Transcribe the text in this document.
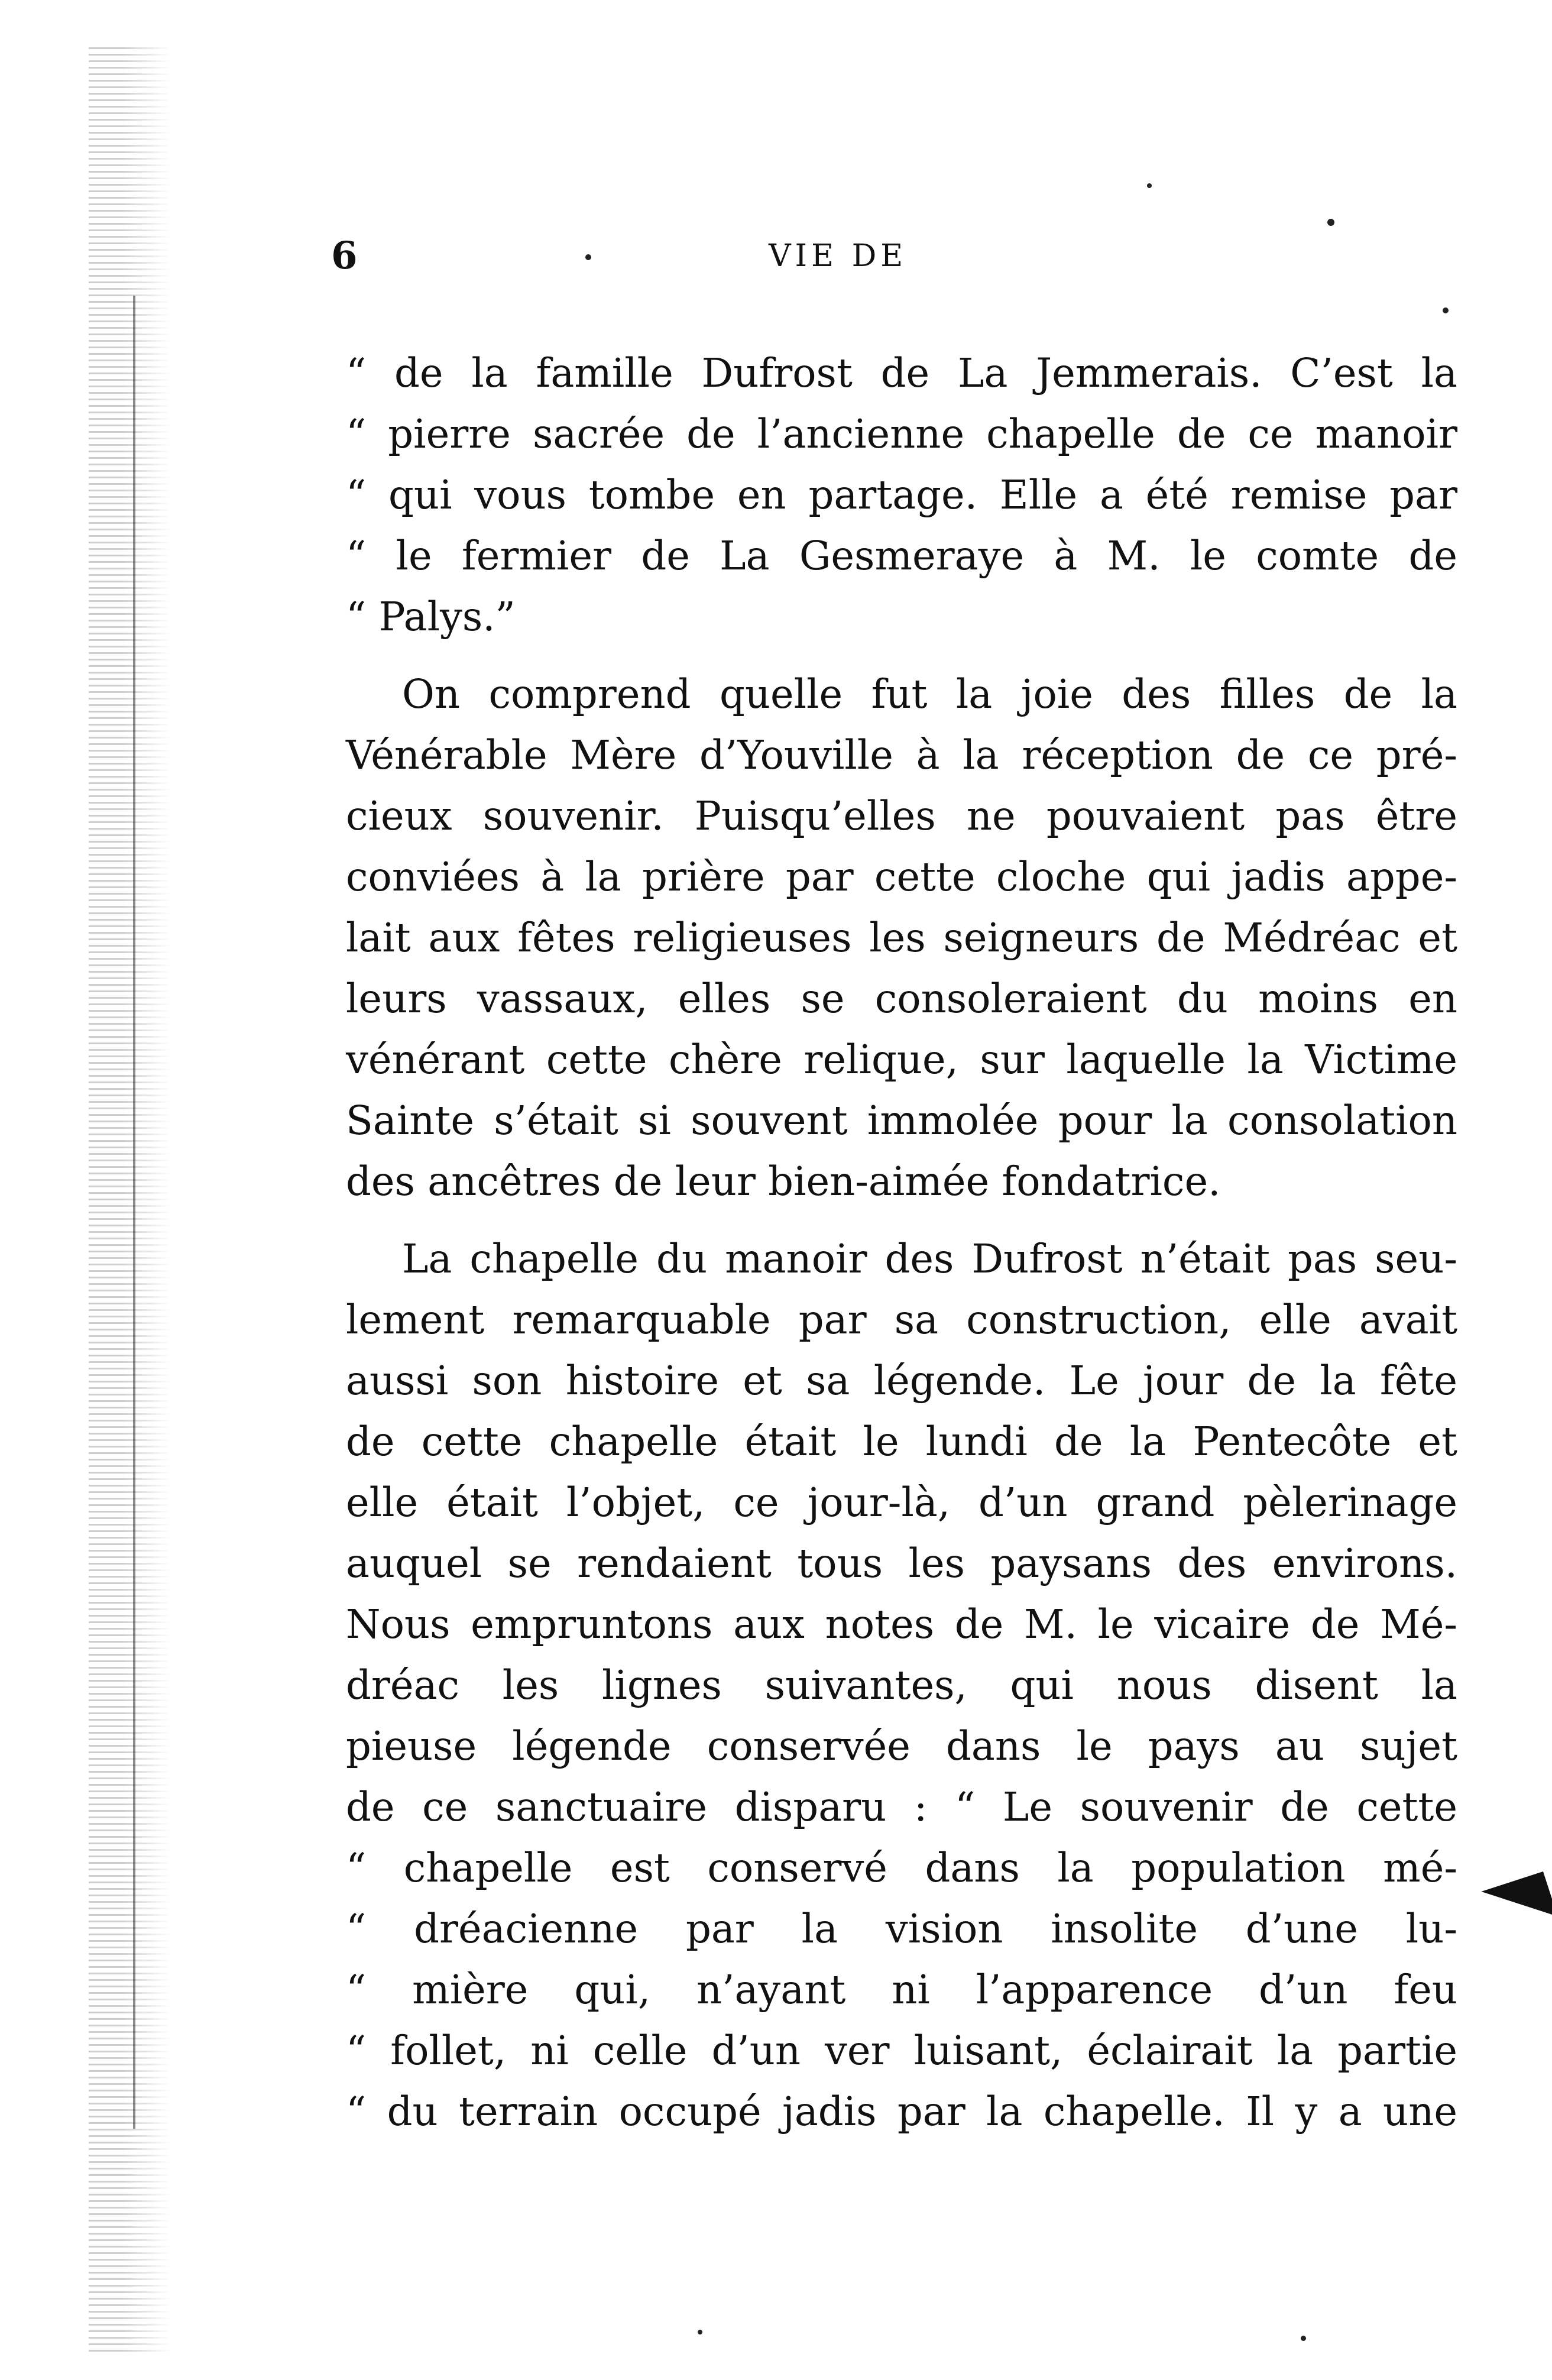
6	VIE DE
“ de la famille Dufrost de La Jemmerais. C’est la
“ pierre sacrée de l’ancienne chapelle de ce manoir
“ qui vous tombe en partage. Elle a été remise par
“ le fermier de La Gesmeraye à M. le comte de
“ Palys.”
On comprend quelle fut la joie des filles de la
Vénérable Mère d’Youville à la réception de ce pré-
cieux souvenir. Puisqu’elles ne pouvaient pas être
conviées à la prière par cette cloche qui jadis appe-
lait aux fêtes religieuses les seigneurs de Médréac et
leurs vassaux, elles se consoleraient du moins en
vénérant cette chère relique, sur laquelle la Victime
Sainte s’était si souvent immolée pour la consolation
des ancêtres de leur bien-aimée fondatrice.
La chapelle du manoir des Dufrost n’était pas seu-
lement remarquable par sa construction, elle avait
aussi son histoire et sa légende. Le jour de la fête
de cette chapelle était le lundi de la Pentecôte et
elle était l’objet, ce jour-là, d’un grand pèlerinage
auquel se rendaient tous les paysans des environs.
Nous empruntons aux notes de M. le vicaire de Mé-
dréac les lignes suivantes, qui nous disent la
pieuse légende conservée dans le pays au sujet
de ce sanctuaire disparu : “ Le souvenir de cette
“ chapelle est conservé dans la population mé-
“ dréacienne par la vision insolite d’une lu-
“ mière qui, n’ayant ni l’apparence d’un feu
“ follet, ni celle d’un ver luisant, éclairait la partie
“ du terrain occupé jadis par la chapelle. Il y a une
